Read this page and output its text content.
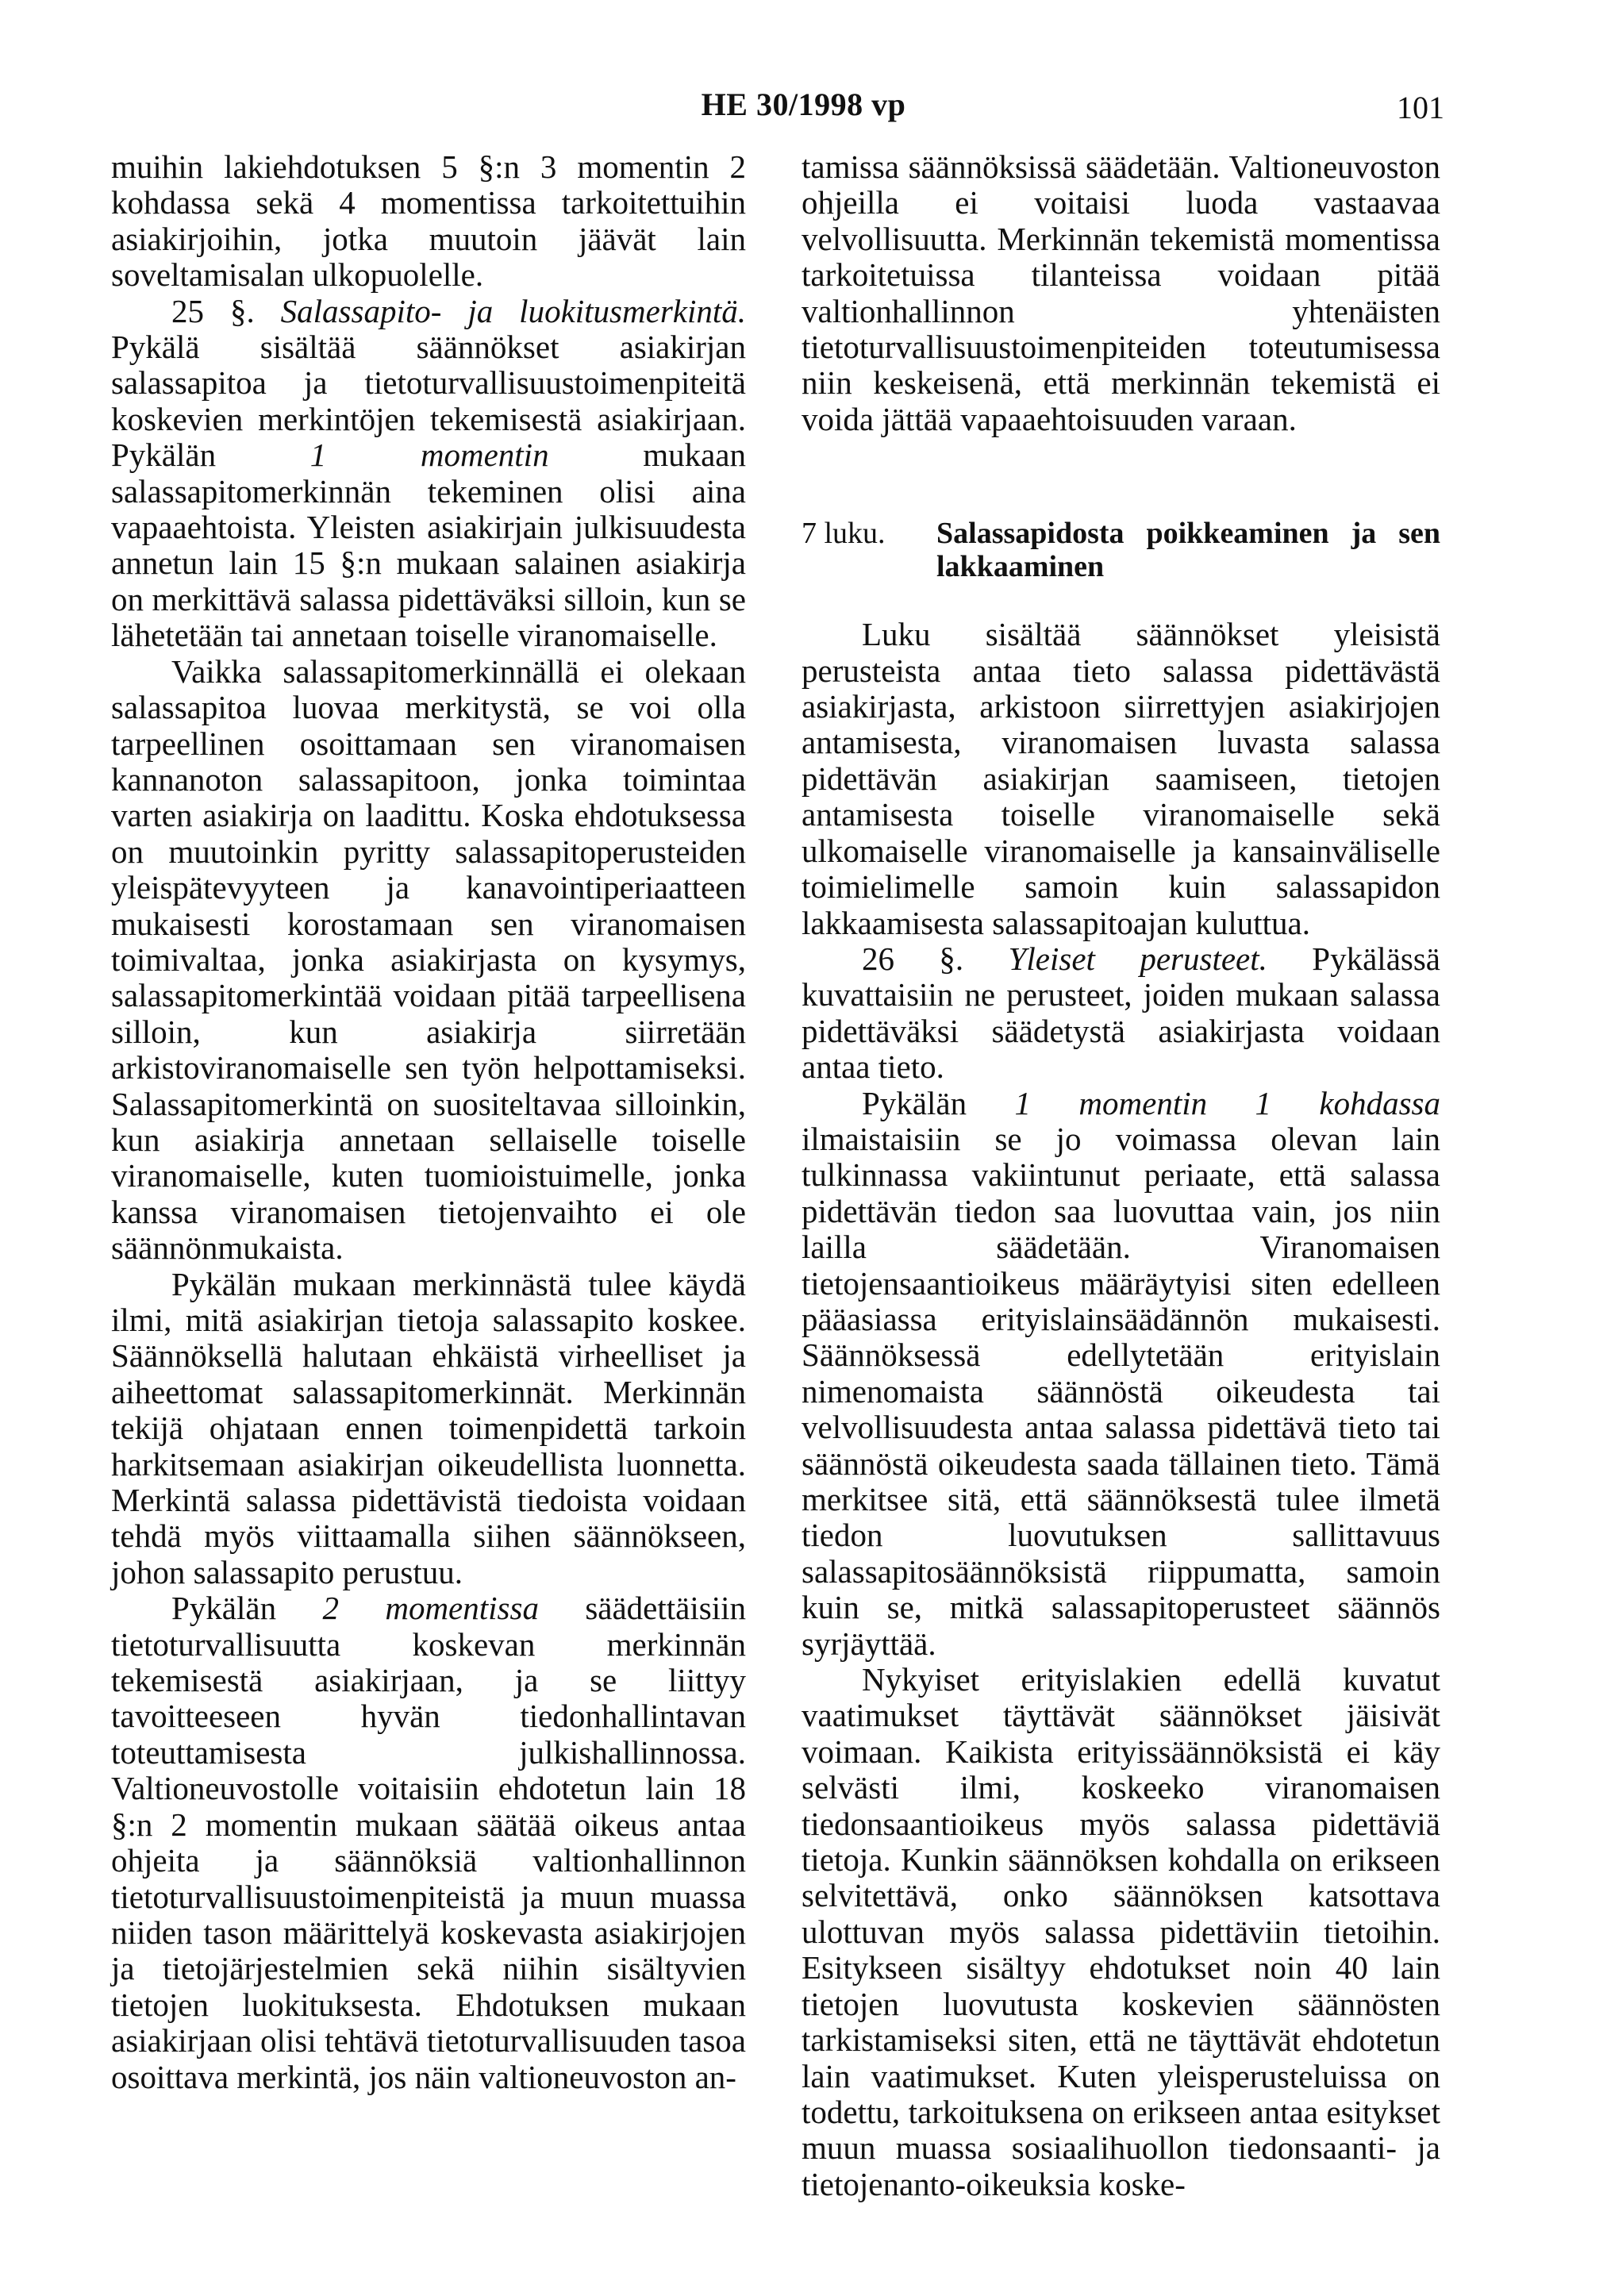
HE 30/1998 vp	101

muihin lakiehdotuksen 5 §:n 3 momentin 2 kohdassa sekä 4 momentissa tarkoitettuihin asiakirjoihin, jotka muutoin jäävät lain soveltamisalan ulkopuolelle.

25 §. Salassapito- ja luokitusmerkintä. Pykälä sisältää säännökset asiakirjan salassapitoa ja tietoturvallisuustoimenpiteitä koskevien merkintöjen tekemisestä asiakirjaan. Pykälän	1 momentin	mukaan salassapitomerkinnän tekeminen olisi aina vapaaehtoista. Yleisten asiakirjain julkisuudesta annetun lain 15 §:n mukaan salainen asiakirja on merkittävä salassa pidettäväksi silloin, kun se lähetetään tai annetaan toiselle viranomaiselle.

Vaikka salassapitomerkinnällä ei olekaan salassapitoa luovaa merkitystä, se voi olla tarpeellinen osoittamaan sen viranomaisen kannanoton salassapitoon, jonka toimintaa varten asiakirja on laadittu. Koska ehdotuksessa on muutoinkin pyritty salassapitoperusteiden yleispätevyyteen ja kanavointiperiaatteen mukaisesti korostamaan sen viranomaisen toimivaltaa, jonka asiakirjasta on kysymys, salassapitomerkintää voidaan pitää tarpeellisena silloin, kun asiakirja siirretään arkistoviranomaiselle sen työn helpottamiseksi. Salassapitomerkintä on suositeltavaa silloinkin, kun asiakirja annetaan sellaiselle toiselle viranomaiselle, kuten tuomioistuimelle, jonka kanssa viranomaisen tietojenvaihto ei ole säännönmukaista.

Pykälän mukaan merkinnästä tulee käydä ilmi, mitä asiakirjan tietoja salassapito koskee. Säännöksellä halutaan ehkäistä virheelliset ja aiheettomat salassapitomerkinnät. Merkinnän tekijä ohjataan ennen toimenpidettä tarkoin harkitsemaan asiakirjan oikeudellista luonnetta. Merkintä salassa pidettävistä tiedoista voidaan tehdä myös viittaamalla siihen säännökseen, johon salassapito perustuu.

Pykälän 2 momentissa säädettäisiin tietoturvallisuutta koskevan merkinnän tekemisestä asiakirjaan, ja se liittyy tavoitteeseen hyvän tiedonhallintavan toteuttamisesta julkishallinnossa. Valtioneuvostolle voitaisiin ehdotetun lain 18 §:n 2 momentin mukaan säätää oikeus antaa ohjeita ja säännöksiä valtionhallinnon tietoturvallisuustoimenpiteistä ja muun muassa niiden tason määrittelyä koskevasta asiakirjojen ja tietojärjestelmien sekä niihin sisältyvien tietojen luokituksesta. Ehdotuksen mukaan asiakirjaan olisi tehtävä tietoturvallisuuden tasoa osoittava merkintä, jos näin valtioneuvoston an-

tamissa säännöksissä säädetään. Valtioneuvoston ohjeilla ei voitaisi luoda vastaavaa velvollisuutta. Merkinnän tekemistä momentissa tarkoitetuissa tilanteissa voidaan pitää valtionhallinnon yhtenäisten tietoturvallisuustoimenpiteiden toteutumisessa niin keskeisenä, että merkinnän tekemistä ei voida jättää vapaaehtoisuuden varaan.

7 luku.	Salassapidosta poikkeaminen ja sen lakkaaminen

Luku sisältää säännökset yleisistä perusteista antaa tieto salassa pidettävästä asiakirjasta, arkistoon siirrettyjen asiakirjojen antamisesta, viranomaisen luvasta salassa pidettävän asiakirjan saamiseen, tietojen antamisesta toiselle viranomaiselle sekä ulkomaiselle viranomaiselle ja kansainväliselle toimielimelle samoin kuin salassapidon lakkaamisesta salassapitoajan kuluttua.

26 §. Yleiset perusteet. Pykälässä kuvattaisiin ne perusteet, joiden mukaan salassa pidettäväksi säädetystä asiakirjasta voidaan antaa tieto.

Pykälän 1 momentin 1 kohdassa ilmaistaisiin se jo voimassa olevan lain tulkinnassa vakiintunut periaate, että salassa pidettävän tiedon saa luovuttaa vain, jos niin lailla säädetään. Viranomaisen tietojensaantioikeus määräytyisi siten edelleen pääasiassa erityislainsäädännön mukaisesti. Säännöksessä edellytetään erityislain nimenomaista säännöstä oikeudesta tai velvollisuudesta antaa salassa pidettävä tieto tai säännöstä oikeudesta saada tällainen tieto. Tämä merkitsee sitä, että säännöksestä tulee ilmetä tiedon luovutuksen sallittavuus salassapitosäännöksistä riippumatta, samoin kuin se, mitkä salassapitoperusteet säännös syrjäyttää.

Nykyiset erityislakien edellä kuvatut vaatimukset täyttävät säännökset jäisivät voimaan. Kaikista erityissäännöksistä ei käy selvästi ilmi, koskeeko viranomaisen tiedonsaantioikeus myös salassa pidettäviä tietoja. Kunkin säännöksen kohdalla on erikseen selvitettävä, onko säännöksen katsottava ulottuvan myös salassa pidettäviin tietoihin. Esitykseen sisältyy ehdotukset noin 40 lain tietojen luovutusta koskevien säännösten tarkistamiseksi siten, että ne täyttävät ehdotetun lain vaatimukset. Kuten yleisperusteluissa on todettu, tarkoituksena on erikseen antaa esitykset muun muassa sosiaalihuollon tiedonsaanti- ja tietojenanto-oikeuksia koske-
